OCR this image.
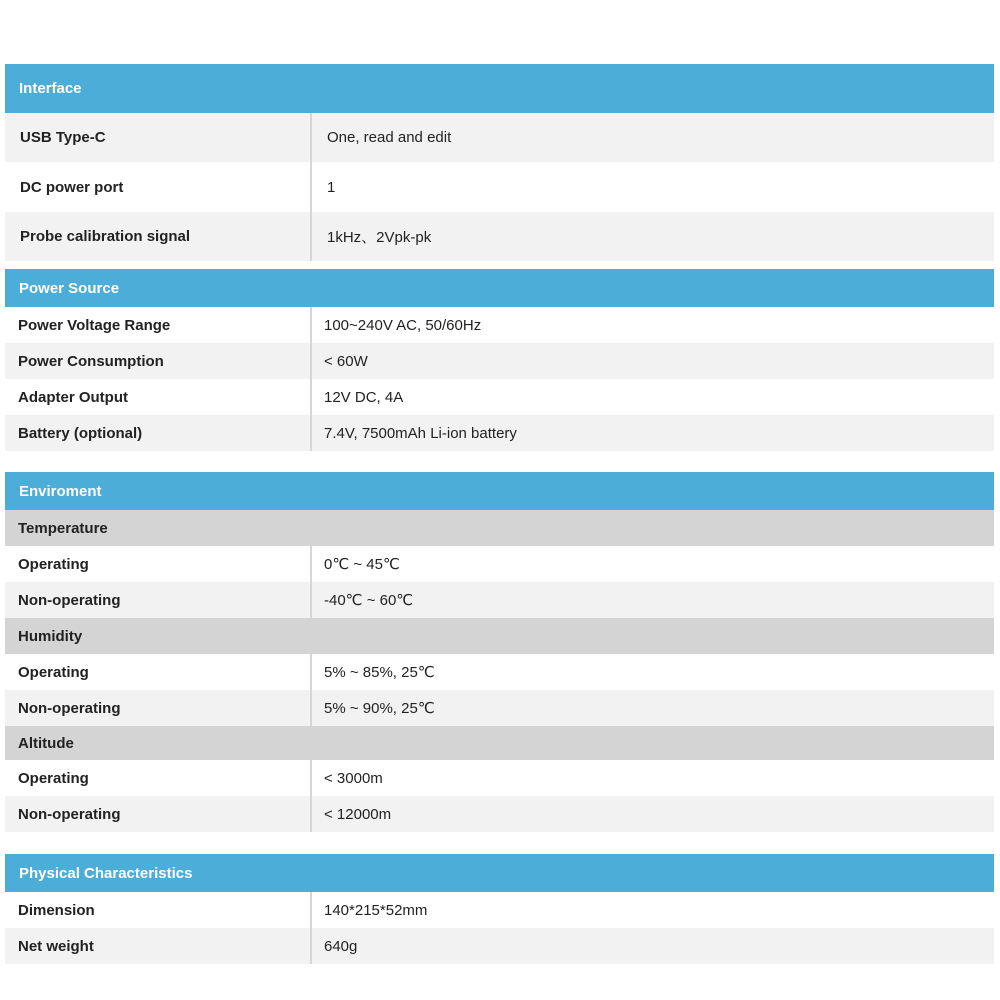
Interface
USB Type-C	One, read and edit
DC power port	1
Probe calibration signal	1kHz、2Vpk-pk
Power Source
Power Voltage Range	100~240V AC, 50/60Hz
Power Consumption	< 60W
Adapter Output	12V DC, 4A
Battery (optional)	7.4V, 7500mAh Li-ion battery
Enviroment
Temperature
Operating	0℃ ~ 45℃
Non-operating	-40℃ ~ 60℃
Humidity
Operating	5% ~ 85%, 25℃
Non-operating	5% ~ 90%, 25℃
Altitude
Operating	< 3000m
Non-operating	< 12000m
Physical Characteristics
Dimension	140*215*52mm
Net weight	640g
